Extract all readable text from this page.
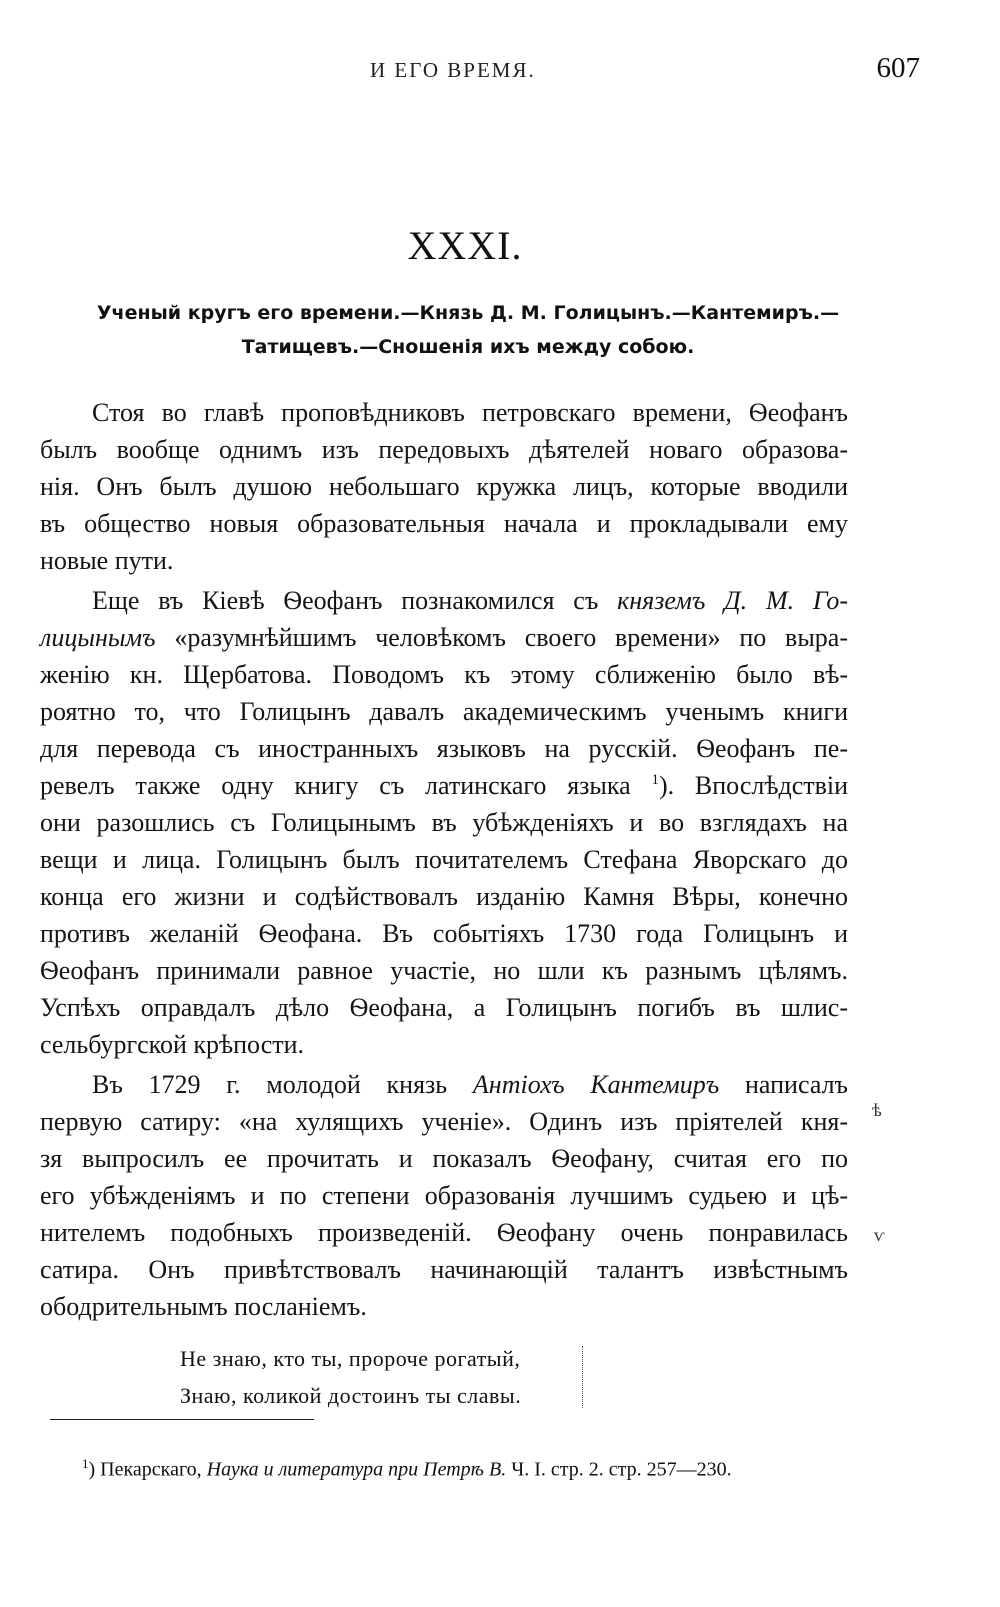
И ЕГО ВРЕМЯ.	607
XXXI.
Ученый кругъ его времени.—Князь Д. М. Голицынъ.—Кантемиръ.—
Татищевъ.—Сношенія ихъ между собою.
Стоя во главѣ проповѣдниковъ петровскаго времени, Ѳеофанъ
былъ вообще однимъ изъ передовыхъ дѣятелей новаго образова-
нія. Онъ былъ душою небольшаго кружка лицъ, которые вводили
въ общество новыя образовательныя начала и прокладывали ему
новые пути.
Еще въ Кіевѣ Ѳеофанъ познакомился съ княземъ Д. М. Го-
лицынымъ «разумнѣйшимъ человѣкомъ своего времени» по выра-
женію кн. Щербатова. Поводомъ къ этому сближенію было вѣ-
роятно то, что Голицынъ давалъ академическимъ ученымъ книги
для перевода съ иностранныхъ языковъ на русскій. Ѳеофанъ пе-
ревелъ также одну книгу съ латинскаго языка $^1$). Впослѣдствіи
они разошлись съ Голицынымъ въ убѣжденіяхъ и во взглядахъ на
вещи и лица. Голицынъ былъ почитателемъ Стефана Яворскаго до
конца его жизни и содѣйствовалъ изданію Камня Вѣры, конечно
противъ желаній Ѳеофана. Въ событіяхъ 1730 года Голицынъ и
Ѳеофанъ принимали равное участіе, но шли къ разнымъ цѣлямъ.
Успѣхъ оправдалъ дѣло Ѳеофана, а Голицынъ погибъ въ шлис-
сельбургской крѣпости.
Въ 1729 г. молодой князь Антіохъ Кантемиръ написалъ
первую сатиру: «на хулящихъ ученіе». Одинъ изъ пріятелей кня-
зя выпросилъ ее прочитать и показалъ Ѳеофану, считая его по
его убѣжденіямъ и по степени образованія лучшимъ судьею и цѣ-
нителемъ подобныхъ произведеній. Ѳеофану очень понравилась
сатира. Онъ привѣтствовалъ начинающій талантъ извѣстнымъ
ободрительнымъ посланіемъ.
ѣ
ѵ
Не знаю, кто ты, пророче рогатый,
Знаю, коликой достоинъ ты славы.
$^1$) Пекарскаго, Наука и литература при Петрѣ В. Ч. I. стр. 2. стр. 257—230.
